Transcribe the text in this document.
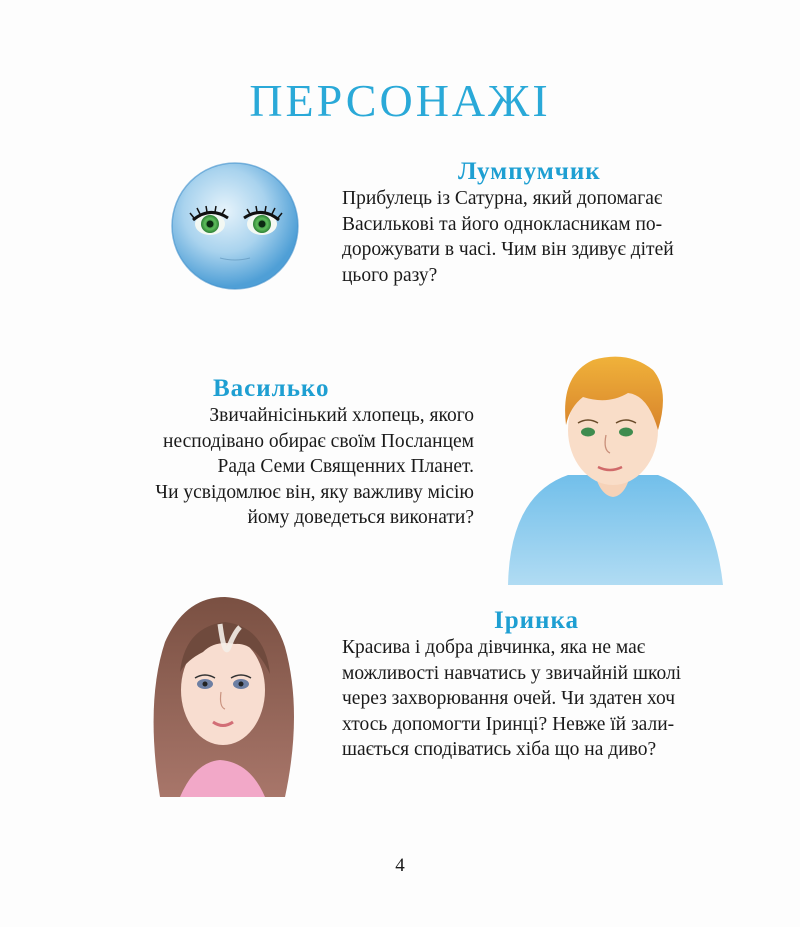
ПЕРСОНАЖІ
Лумпумчик

Прибулець із Сатурна, який допомагає
Василькові та його однокласникам по-
дорожувати в часі. Чим він здивує дітей
цього разу?

Василько

Звичайнісінький хлопець, якого
несподівано обирає своїм Посланцем
Рада Семи Священних Планет.
Чи усвідомлює він, яку важливу місію
йому доведеться виконати?

Іринка

Красива і добра дівчинка, яка не має
можливості навчатись у звичайній школі
через захворювання очей. Чи здатен хоч
хтось допомогти Іринці? Невже їй зали-
шається сподіватись хіба що на диво?

4
